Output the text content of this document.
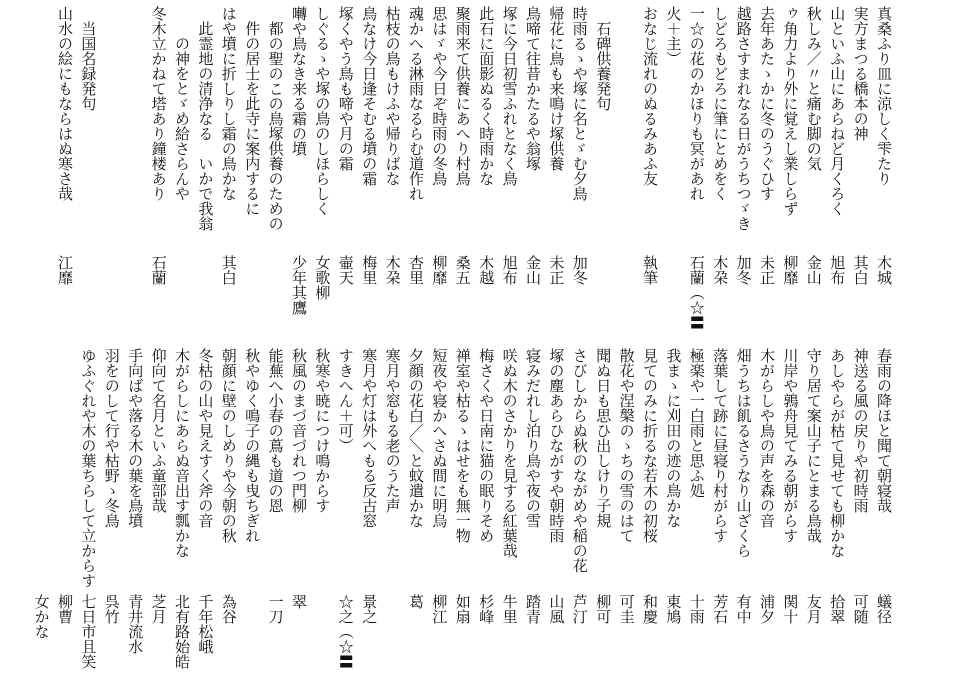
真桑ふり皿に涼しく雫たり
木城
実方まつる橋本の神
其白
山といふ山にあらねど月くろく
旭布
秋しみ／〃と痛む脚の気
金山
ゥ角力より外に覚えし業しらず
柳靡
去年あたゝかに冬のうぐひす
未正
越路さすまれなる日がうちつゞき
加冬
しどろもどろに筆にとめをく
木朶
一☆の花のかほりも冥があれ
石蘭（☆〓
火＋主）
おなじ流れのぬるみあふ友
執筆
　石碑供養発句
時雨るゝや塚に名とゞむ夕鳥
加冬
帰花に鳥も来鳴け塚供養
未正
鳥啼て往昔かたるや翁塚
金山
塚に今日初雪ふれとなく鳥
旭布
此石に面影ぬるく時雨かな
木越
聚雨来て供養にあへり村鳥
桑五
思はゞや今日ぞ時雨の冬鳥
柳靡
魂かへる淋雨なるらむ道作れ
杏里
枯枝の鳥もけふや帰りばな
木朶
鳥なけ今日逢そむる墳の霜
梅里
塚くやう鳥も啼や月の霜
壷天
しぐるゝや塚の鳥のしほらしく
女歌柳
囀や鳥なき来る霜の墳
少年其鷹
　都の聖のこの鳥塚供養のための
　件の居士を此寺に案内するに
はや墳に折しりし霜の鳥かな
其白
　此霊地の清浄なる　いかで我翁
　　の神をとゞめ給さらんや
冬木立かねて塔あり鐘楼あり
石蘭
　当国名録発句
山水の絵にもならはぬ寒さ哉
江靡
春雨の降ほと聞て朝寝哉
蟻径
神送る風の戻りや初時雨
可随
あしやらが枯て見せても柳かな
拾翠
守り居て案山子にとまる鳥哉
友月
川岸や鶉舟見てみる朝がらす
関十
木がらしや鳥の声を森の音
浦夕
畑うちは飢るさうなり山ざくら
有中
落葉して跡に昼寝り村がらす
芳石
極楽や一白雨と思ふ処
十雨
我まゝに刈田の迹の鳥かな
東鳩
見てのみに折るな若木の初桜
和慶
散花や涅槃のゝちの雪のはて
可圭
聞ぬ日も思ひ出しけり子規
柳可
さびしからぬ秋のながめや稲の花
芦汀
塚の塵あらひながすや朝時雨
山風
寝みだれし泊り鳥や夜の雪
踏青
咲ぬ木のさかりを見する紅葉哉
牛里
梅さくや日南に猫の眠りそめ
杉峰
禅室や枯るゝはせをも無一物
如扇
短夜や寝かへさぬ間に明烏
柳江
夕顔の花白／＼と蚊遣かな
葛
寒月や窓もる老のうた声
寒月や灯は外へもる反古窓
景之
すきへん＋可）
☆之（☆〓
秋寒や暁につけ鳴からす
秋風のまづ音づれつ門柳
翠
能蕪へ小春の蔦も道の恩
一刀
秋やゆく鳴子の縄も曳ちぎれ
朝顔に壁のしめりや今朝の秋
為谷
冬枯の山や見えすく斧の音
千年松峨
木がらしにあらぬ音出す瓢かな
北有路始皓
仰向て名月といふ童部哉
芝月
手向ばや落る木の葉を鳥墳
青井流水
羽をのして行や枯野ゝ冬鳥
呉竹
ゆふぐれや木の葉ちらして立からす
七日市且笑
柳曹
女かな
